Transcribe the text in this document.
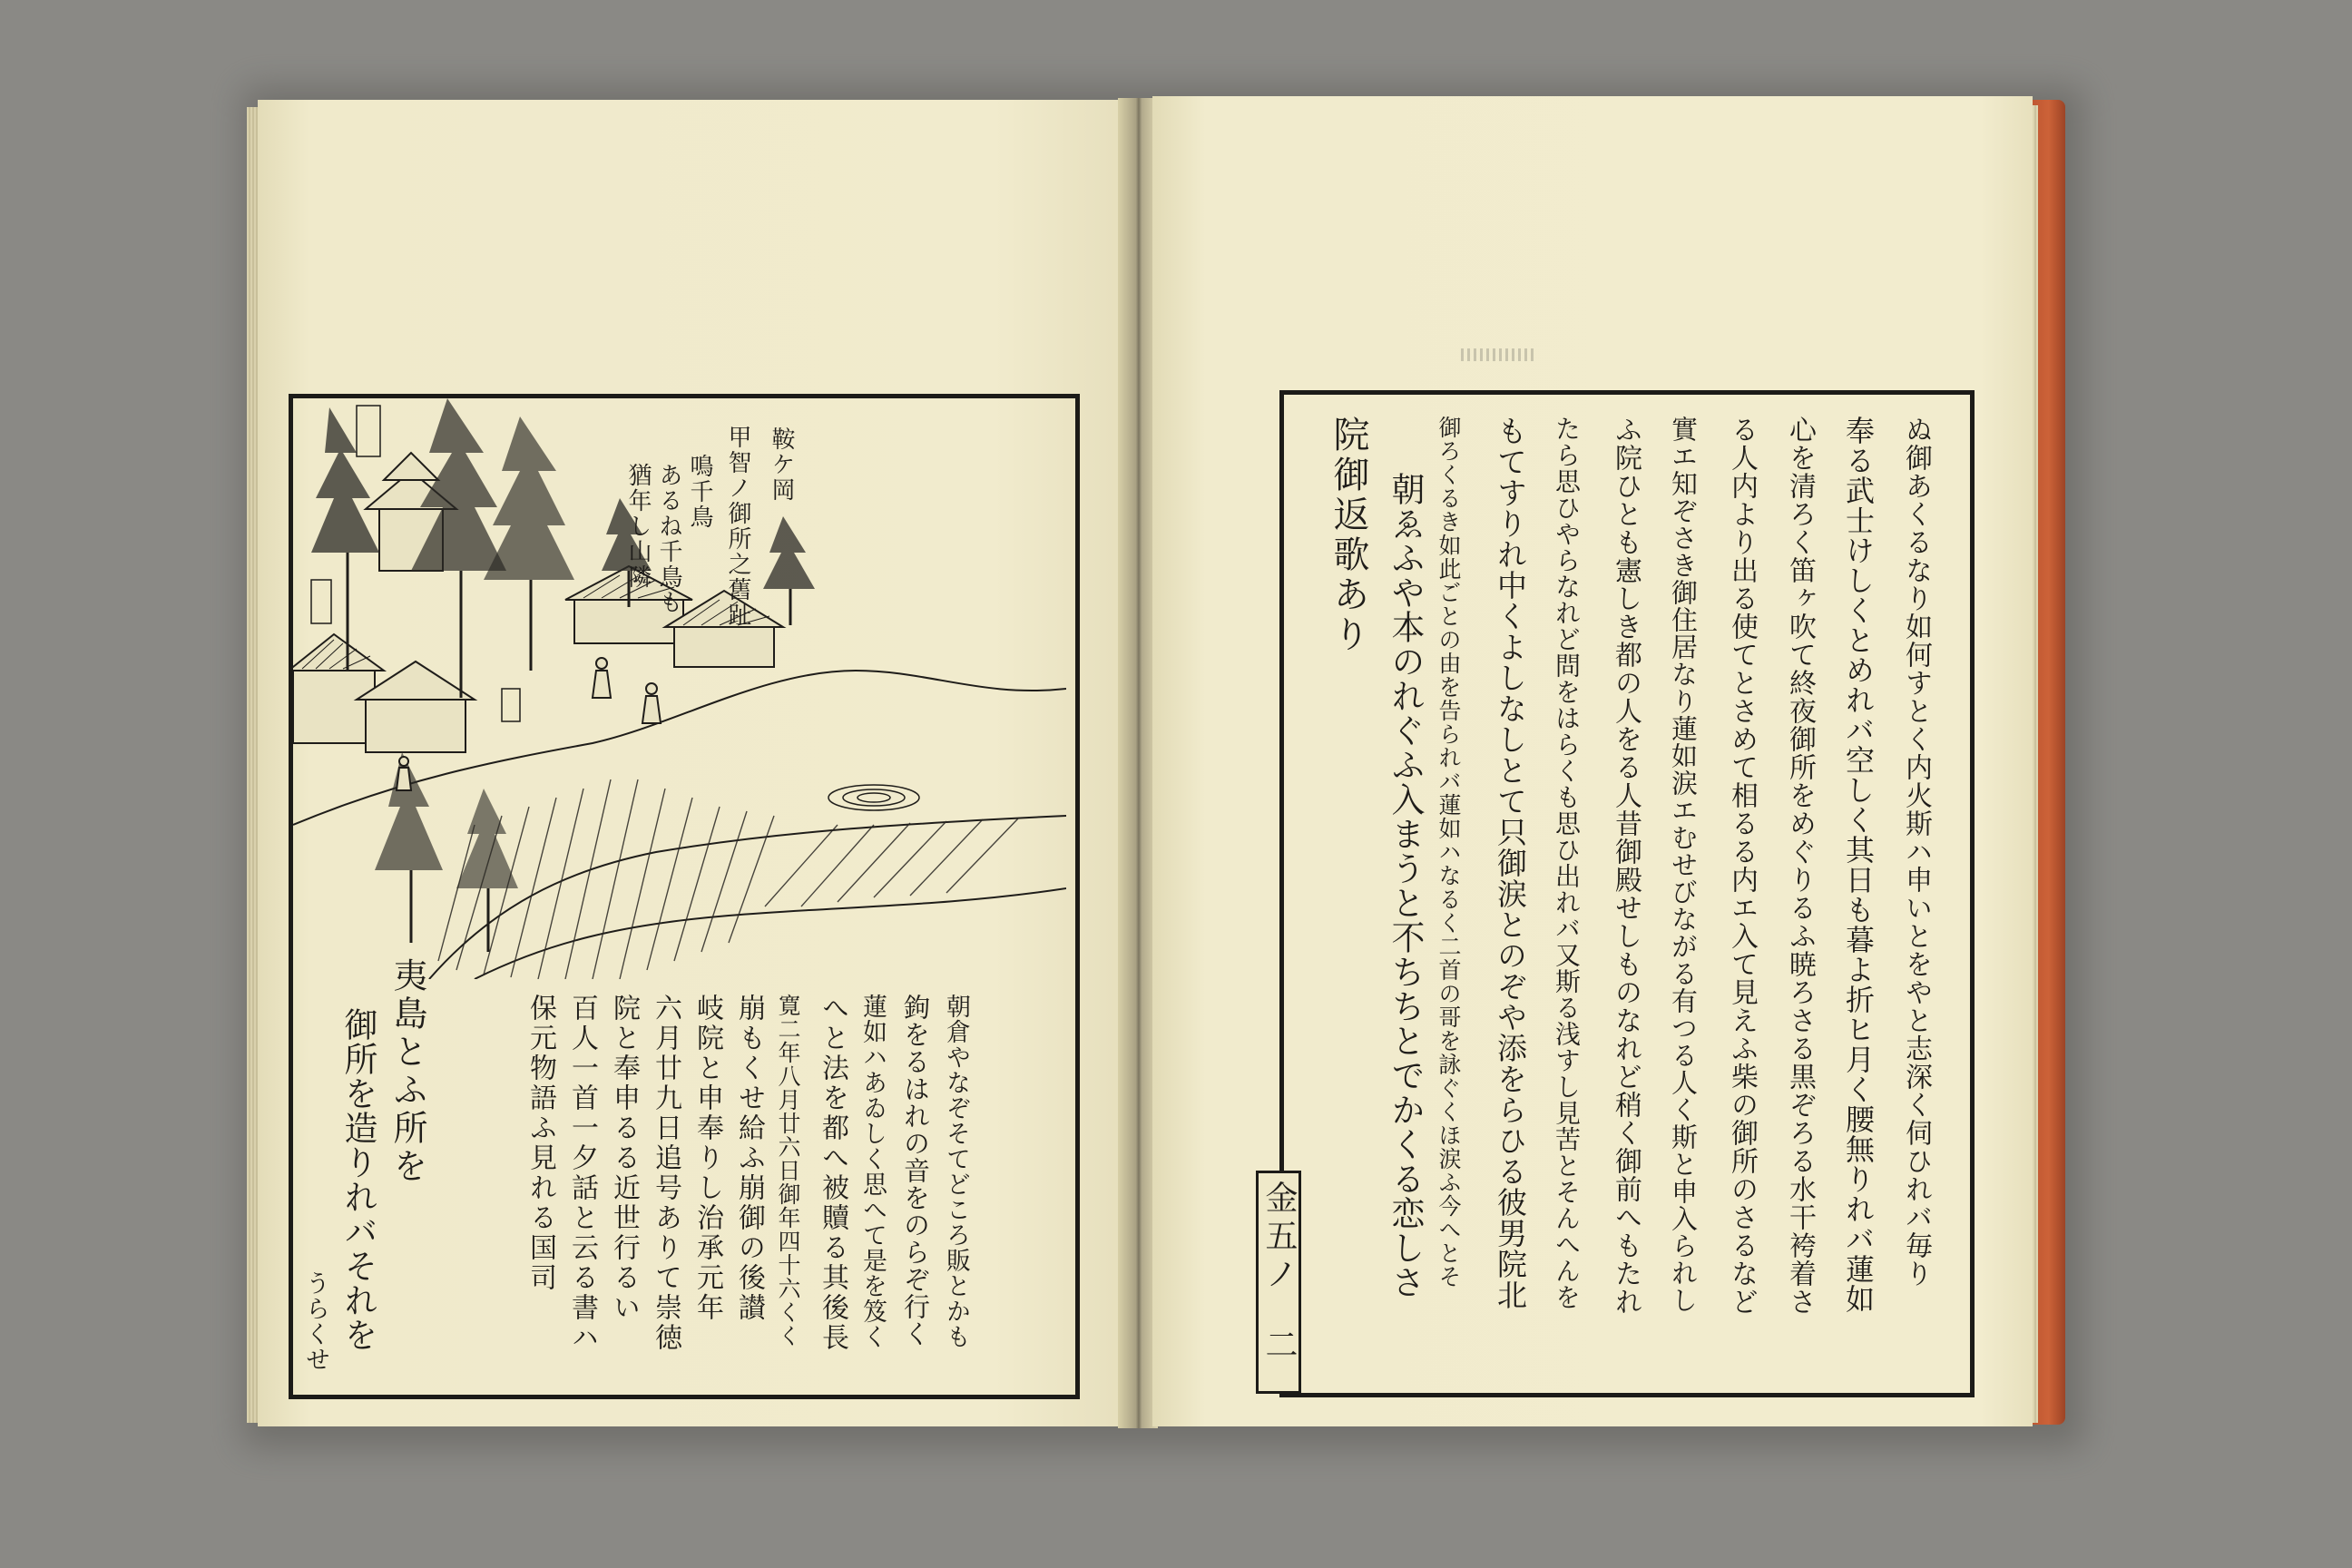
鞍ケ岡
甲智ノ御所之舊趾
鳴千鳥
あるね千鳥も
猶年し山隣
朝倉やなぞそてどころ販とかも
鉤をるはれの音をのらぞ行く
蓮如ハあゐしく思へて是を笈く
へと法を都へ被贖る其後長
寛二年八月廿六日御年四十六くく
崩もくせ給ふ崩御の後讃
岐院と申奉りし治承元年
六月廿九日追号ありて崇徳
院と奉申るる近世行るい
百人一首一夕話と云る書ハ
保元物語ふ見れる国司
夷島とふ所を
御所を造りれバそれを
うらくせ
ぬ御あくるなり如何すとく内火斯ハ申いとをやと志深く伺ひれバ毎り
奉る武士けしくとめれバ空しく其日も暮よ折ヒ月く腰無りれバ蓮如
心を清ろく笛ヶ吹て終夜御所をめぐりるふ暁ろさる黒ぞろる水干袴着さ
る人内より出る使てとさめて相るる内エ入て見えふ柴の御所のさるなど
實エ知ぞさき御住居なり蓮如涙エむせびながる有つる人く斯と申入られし
ふ院ひとも憲しき都の人をる人昔御殿せしものなれど稍く御前へもたれ
たら思ひやらなれど問をはらくも思ひ出れバ又斯る浅すし見苦とそんへんを
もてすりれ中くよしなしとて只御涙とのぞや添をらひる彼男院北
御ろくるき如此ごとの由を告られバ蓮如ハなるく二首の哥を詠ぐくほ涙ふ今へとそ
朝ゑふや本のれぐふ入まうと不ちちとでかくる恋しさ
院御返歌あり
金五ノ
二
